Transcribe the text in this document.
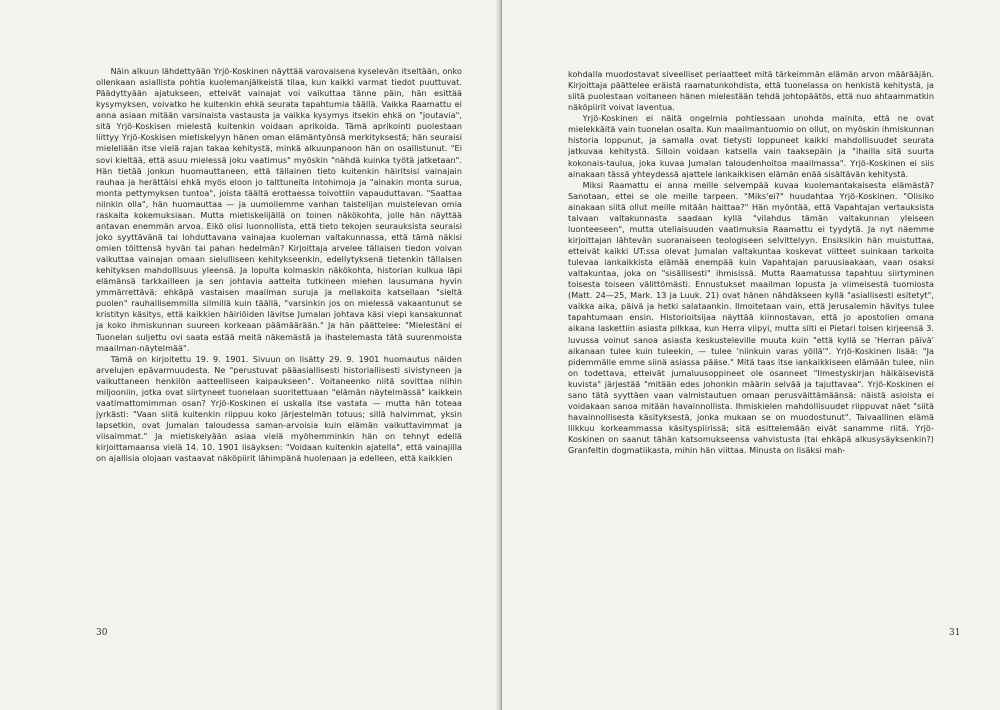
Näin alkuun lähdettyään Yrjö-Koskinen näyttää varovaisena kyselevän itseltään, onko ollenkaan asiallista pohtia kuolemanjälkeistä tilaa, kun kaikki varmat tiedot puuttuvat. Päädyttyään ajatukseen, etteivät vainajat voi vaikuttaa tänne päin, hän esittää kysymyksen, voivatko he kuitenkin ehkä seurata tapahtumia täällä. Vaikka Raamattu ei anna asiaan mitään varsinaista vastausta ja vaikka kysymys itsekin ehkä on "joutavia", sitä Yrjö-Koskisen mielestä kuitenkin voidaan aprikoida. Tämä aprikointi puolestaan liittyy Yrjö-Koskisen mietiskelyyn hänen oman elämäntyönsä merkityksestä; hän seuraisi mielellään itse vielä rajan takaa kehitystä, minkä alkuunpanoon hän on osallistunut. "Ei sovi kieltää, että asuu mielessä joku vaatimus" myöskin "nähdä kuinka työtä jatketaan". Hän tietää jonkun huomauttaneen, että tällainen tieto kuitenkin häiritsisi vainajain rauhaa ja herättäisi ehkä myös eloon jo talttuneita intohimoja ja "ainakin monta surua, monta pettymyksen tuntoa", joista täältä erottaessa toivottiin vapauduttavan. "Saattaa niinkin olla", hän huomauttaa — ja uumoilemme vanhan taistelijan muistelevan omia raskaita kokemuksiaan. Mutta mietiskelijällä on toinen näkökohta, jolle hän näyttää antavan enemmän arvoa. Eikö olisi luonnollista, että tieto tekojen seurauksista seuraisi joko syyttävänä tai lohduttavana vainajaa kuoleman valtakunnassa, että tämä näkisi omien töittensä hyvän tai pahan hedelmän? Kirjoittaja arvelee tällaisen tiedon voivan vaikuttaa vainajan omaan sielulliseen kehitykseenkin, edellytyksenä tietenkin tällaisen kehityksen mahdollisuus yleensä. Ja lopulta kolmaskin näkökohta, historian kulkua läpi elämänsä tarkkailleen ja sen johtavia aatteita tutkineen miehen lausumana hyvin ymmärrettävä: ehkäpä vastaisen maailman suruja ja mellakoita katsellaan "sieltä puolen" rauhallisemmilla silmillä kuin täällä, "varsinkin jos on mielessä vakaantunut se kristityn käsitys, että kaikkien häiriöiden lävitse Jumalan johtava käsi viepi kansakunnat ja koko ihmiskunnan suureen korkeaan päämäärään." Ja hän päättelee: "Mielestäni ei Tuonelan suljettu ovi saata estää meitä näkemästä ja ihastelemasta tätä suurenmoista maailman-näytelmää".

Tämä on kirjoitettu 19. 9. 1901. Sivuun on lisätty 29. 9. 1901 huomautus näiden arvelujen epävarmuudesta. Ne "perustuvat pääasiallisesti historiallisesti sivistyneen ja vaikuttaneen henkilön aatteelliseen kaipaukseen". Voitaneenko niitä sovittaa niihin miljooniin, jotka ovat siirtyneet tuonelaan suoritettuaan "elämän näytelmässä" kaikkein vaatimattomimman osan? Yrjö-Koskinen ei uskalla itse vastata — mutta hän toteaa jyrkästi: "Vaan siitä kuitenkin riippuu koko järjestelmän totuus; sillä halvimmat, yksin lapsetkin, ovat Jumalan taloudessa saman-arvoisia kuin elämän vaikuttavimmat ja viisaimmat." Ja mietiskelyään asiaa vielä myöhemminkin hän on tehnyt edellä kirjoittamaansa vielä 14. 10. 1901 lisäyksen: "Voidaan kuitenkin ajatella", että vainajilla on ajallisia olojaan vastaavat näköpiirit lähimpänä huolenaan ja edelleen, että kaikkien

30

kohdalla muodostavat siveelliset periaatteet mitä tärkeimmän elämän arvon määrääjän. Kirjoittaja päättelee eräistä raamatunkohdista, että tuonelassa on henkistä kehitystä, ja siitä puolestaan voitaneen hänen mielestään tehdä johtopäätös, että nuo ahtaammatkin näköpiirit voivat laventua.

Yrjö-Koskinen ei näitä ongelmia pohtiessaan unohda mainita, että ne ovat mielekkäitä vain tuonelan osalta. Kun maailmantuomio on ollut, on myöskin ihmiskunnan historia loppunut, ja samalla ovat tietysti loppuneet kaikki mahdollisuudet seurata jatkuvaa kehitystä. Silloin voidaan katsella vain taaksepäin ja "ihailla sitä suurta kokonais-taulua, joka kuvaa Jumalan taloudenhoitoa maailmassa". Yrjö-Koskinen ei siis ainakaan tässä yhteydessä ajattele iankaikkisen elämän enää sisältävän kehitystä.

Miksi Raamattu ei anna meille selvempää kuvaa kuolemantakaisesta elämästä? Sanotaan, ettei se ole meille tarpeen. "Miks'ei?" huudahtaa Yrjö-Koskinen. "Olisiko ainakaan siitä ollut meille mitään haittaa?" Hän myöntää, että Vapahtajan vertauksista taivaan valtakunnasta saadaan kyllä "vilahdus tämän valtakunnan yleiseen luonteeseen", mutta uteliaisuuden vaatimuksia Raamattu ei tyydytä. Ja nyt näemme kirjoittajan lähtevän suoranaiseen teologiseen selvittelyyn. Ensiksikin hän muistuttaa, etteivät kaikki UT:ssa olevat Jumalan valtakuntaa koskevat viitteet suinkaan tarkoita tulevaa iankaikkista elämää enempää kuin Vapahtajan paruusiaakaan, vaan osaksi valtakuntaa, joka on "sisällisesti" ihmisissä. Mutta Raamatussa tapahtuu siirtyminen toisesta toiseen välittömästi. Ennustukset maailman lopusta ja viimeisestä tuomiosta (Matt. 24—25, Mark. 13 ja Luuk. 21) ovat hänen nähdäkseen kyllä "asiallisesti esitetyt", vaikka aika, päivä ja hetki salataankin. Ilmoitetaan vain, että Jerusalemin hävitys tulee tapahtumaan ensin. Historioitsijaa näyttää kiinnostavan, että jo apostolien omana aikana laskettiin asiasta pilkkaa, kun Herra viipyi, mutta silti ei Pietari toisen kirjeensä 3. luvussa voinut sanoa asiasta keskusteleville muuta kuin "että kyllä se 'Herran päivä' aikanaan tulee kuin tuleekin, — tulee 'niinkuin varas yöllä'". Yrjö-Koskinen lisää: "Ja pidemmälle emme siinä asiassa pääse." Mitä taas itse iankaikkiseen elämään tulee, niin on todettava, etteivät jumaluusoppineet ole osanneet "Ilmestyskirjan häikäisevistä kuvista" järjestää "mitään edes johonkin määrin selvää ja tajuttavaa". Yrjö-Koskinen ei sano tätä syyttäen vaan valmistautuen omaan perusväittämäänsä: näistä asioista ei voidakaan sanoa mitään havainnollista. Ihmiskielen mahdollisuudet riippuvat näet "siitä havainnollisesta käsityksestä, jonka mukaan se on muodostunut". Taivaallinen elämä liikkuu korkeammassa käsityspiirissä; sitä esittelemään eivät sanamme riitä. Yrjö-Koskinen on saanut tähän katsomukseensa vahvistusta (tai ehkäpä alkusysäyksenkin?) Granfeltin dogmatiikasta, mihin hän viittaa. Minusta on lisäksi mah-

31
